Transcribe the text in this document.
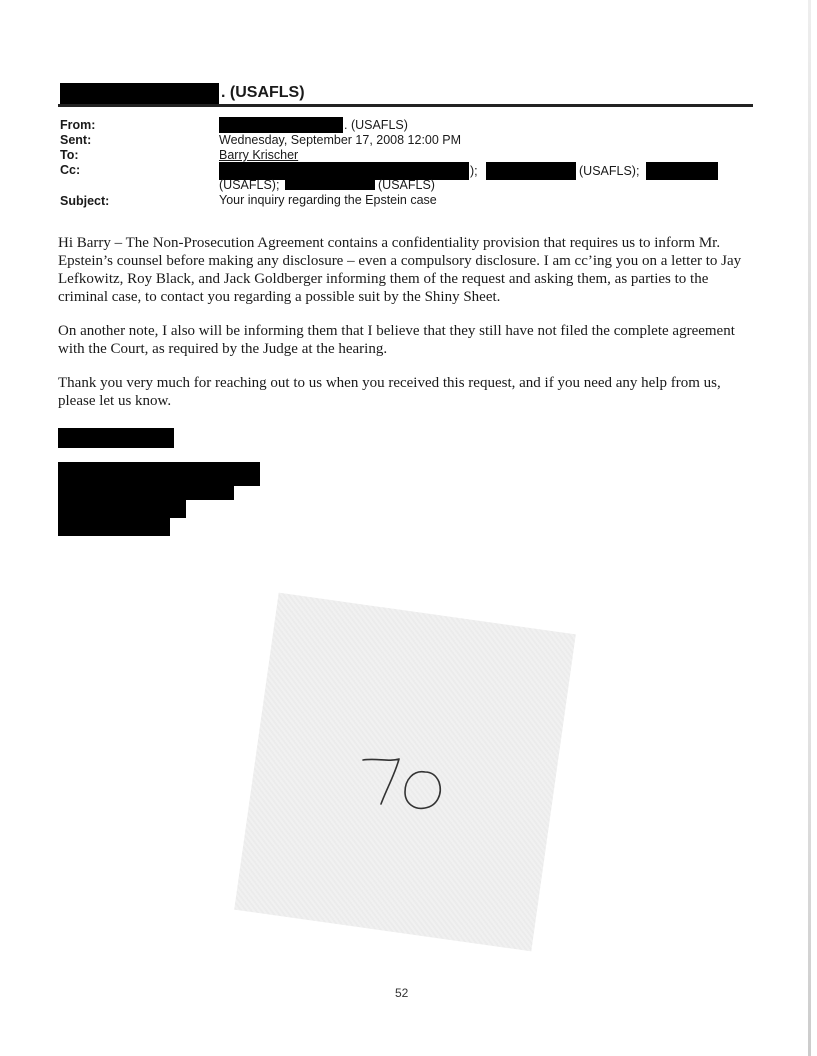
. (USAFLS)
From:	. (USAFLS)
Sent:	Wednesday, September 17, 2008 12:00 PM
To:	Barry Krischer
Cc:	);	(USAFLS);
(USAFLS);	(USAFLS)
Subject:	Your inquiry regarding the Epstein case

Hi Barry – The Non-Prosecution Agreement contains a confidentiality provision that requires us to inform Mr. Epstein’s counsel before making any disclosure – even a compulsory disclosure. I am cc’ing you on a letter to Jay Lefkowitz, Roy Black, and Jack Goldberger informing them of the request and asking them, as parties to the criminal case, to contact you regarding a possible suit by the Shiny Sheet.

On another note, I also will be informing them that I believe that they still have not filed the complete agreement with the Court, as required by the Judge at the hearing.

Thank you very much for reaching out to us when you received this request, and if you need any help from us, please let us know.

52
